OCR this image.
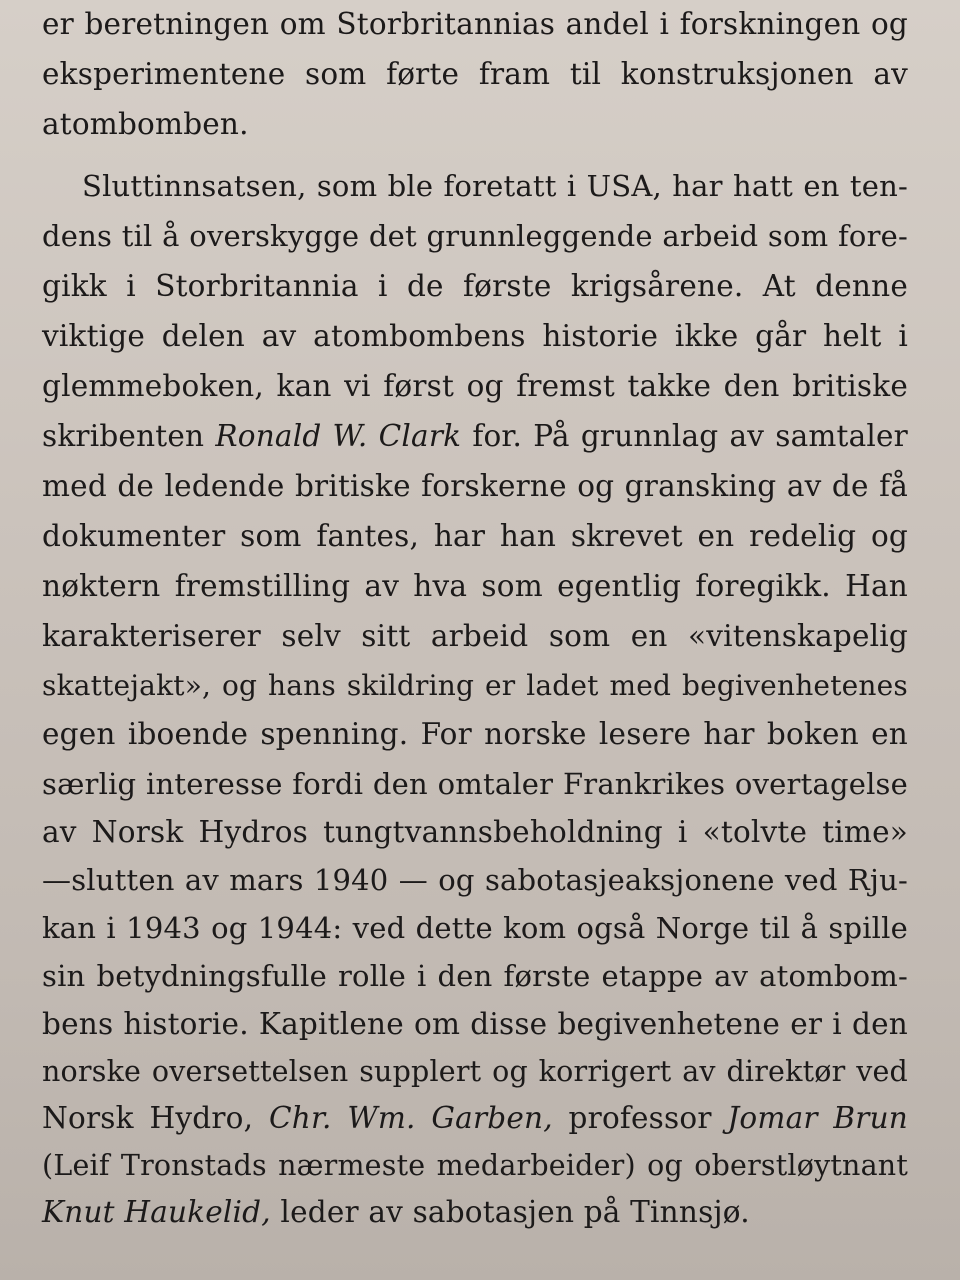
er beretningen om Storbritannias andel i forskningen og
eksperimentene som førte fram til konstruksjonen av
atombomben.
Sluttinnsatsen, som ble foretatt i USA, har hatt en ten-
dens til å overskygge det grunnleggende arbeid som fore-
gikk i Storbritannia i de første krigsårene. At denne
viktige delen av atombombens historie ikke går helt i
glemmeboken, kan vi først og fremst takke den britiske
skribenten Ronald W. Clark for. På grunnlag av samtaler
med de ledende britiske forskerne og gransking av de få
dokumenter som fantes, har han skrevet en redelig og
nøktern fremstilling av hva som egentlig foregikk. Han
karakteriserer selv sitt arbeid som en «vitenskapelig
skattejakt», og hans skildring er ladet med begivenhetenes
egen iboende spenning. For norske lesere har boken en
særlig interesse fordi den omtaler Frankrikes overtagelse
av Norsk Hydros tungtvannsbeholdning i «tolvte time»
—slutten av mars 1940 — og sabotasjeaksjonene ved Rju-
kan i 1943 og 1944: ved dette kom også Norge til å spille
sin betydningsfulle rolle i den første etappe av atombom-
bens historie. Kapitlene om disse begivenhetene er i den
norske oversettelsen supplert og korrigert av direktør ved
Norsk Hydro, Chr. Wm. Garben, professor Jomar Brun
(Leif Tronstads nærmeste medarbeider) og oberstløytnant
Knut Haukelid, leder av sabotasjen på Tinnsjø.
